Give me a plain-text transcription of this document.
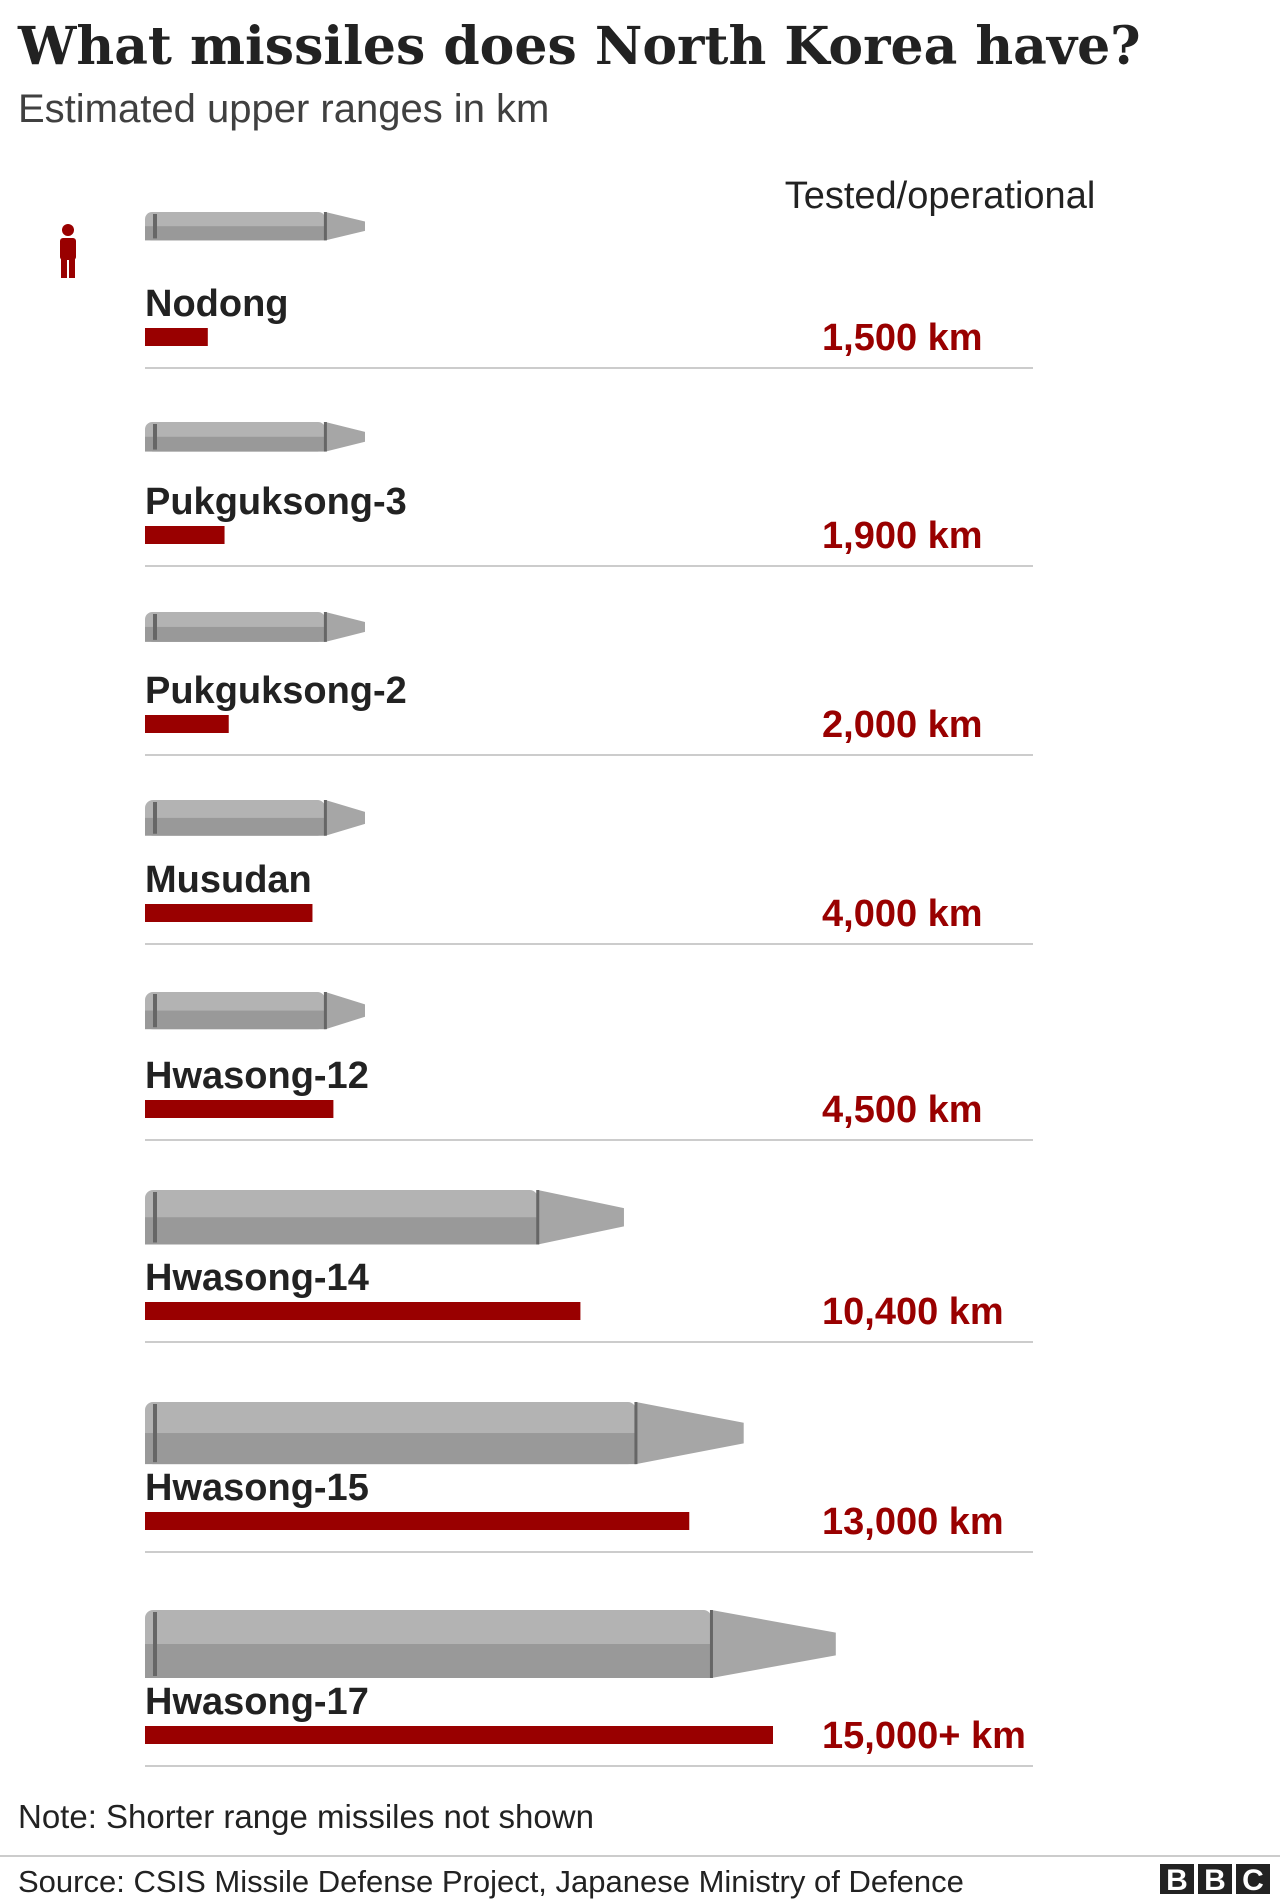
What missiles does North Korea have?
Estimated upper ranges in km
Tested/operational
Nodong
1,500 km
Pukguksong-3
1,900 km
Pukguksong-2
2,000 km
Musudan
4,000 km
Hwasong-12
4,500 km
Hwasong-14
10,400 km
Hwasong-15
13,000 km
Hwasong-17
15,000+ km
Note: Shorter range missiles not shown
Source: CSIS Missile Defense Project, Japanese Ministry of Defence	B B C
